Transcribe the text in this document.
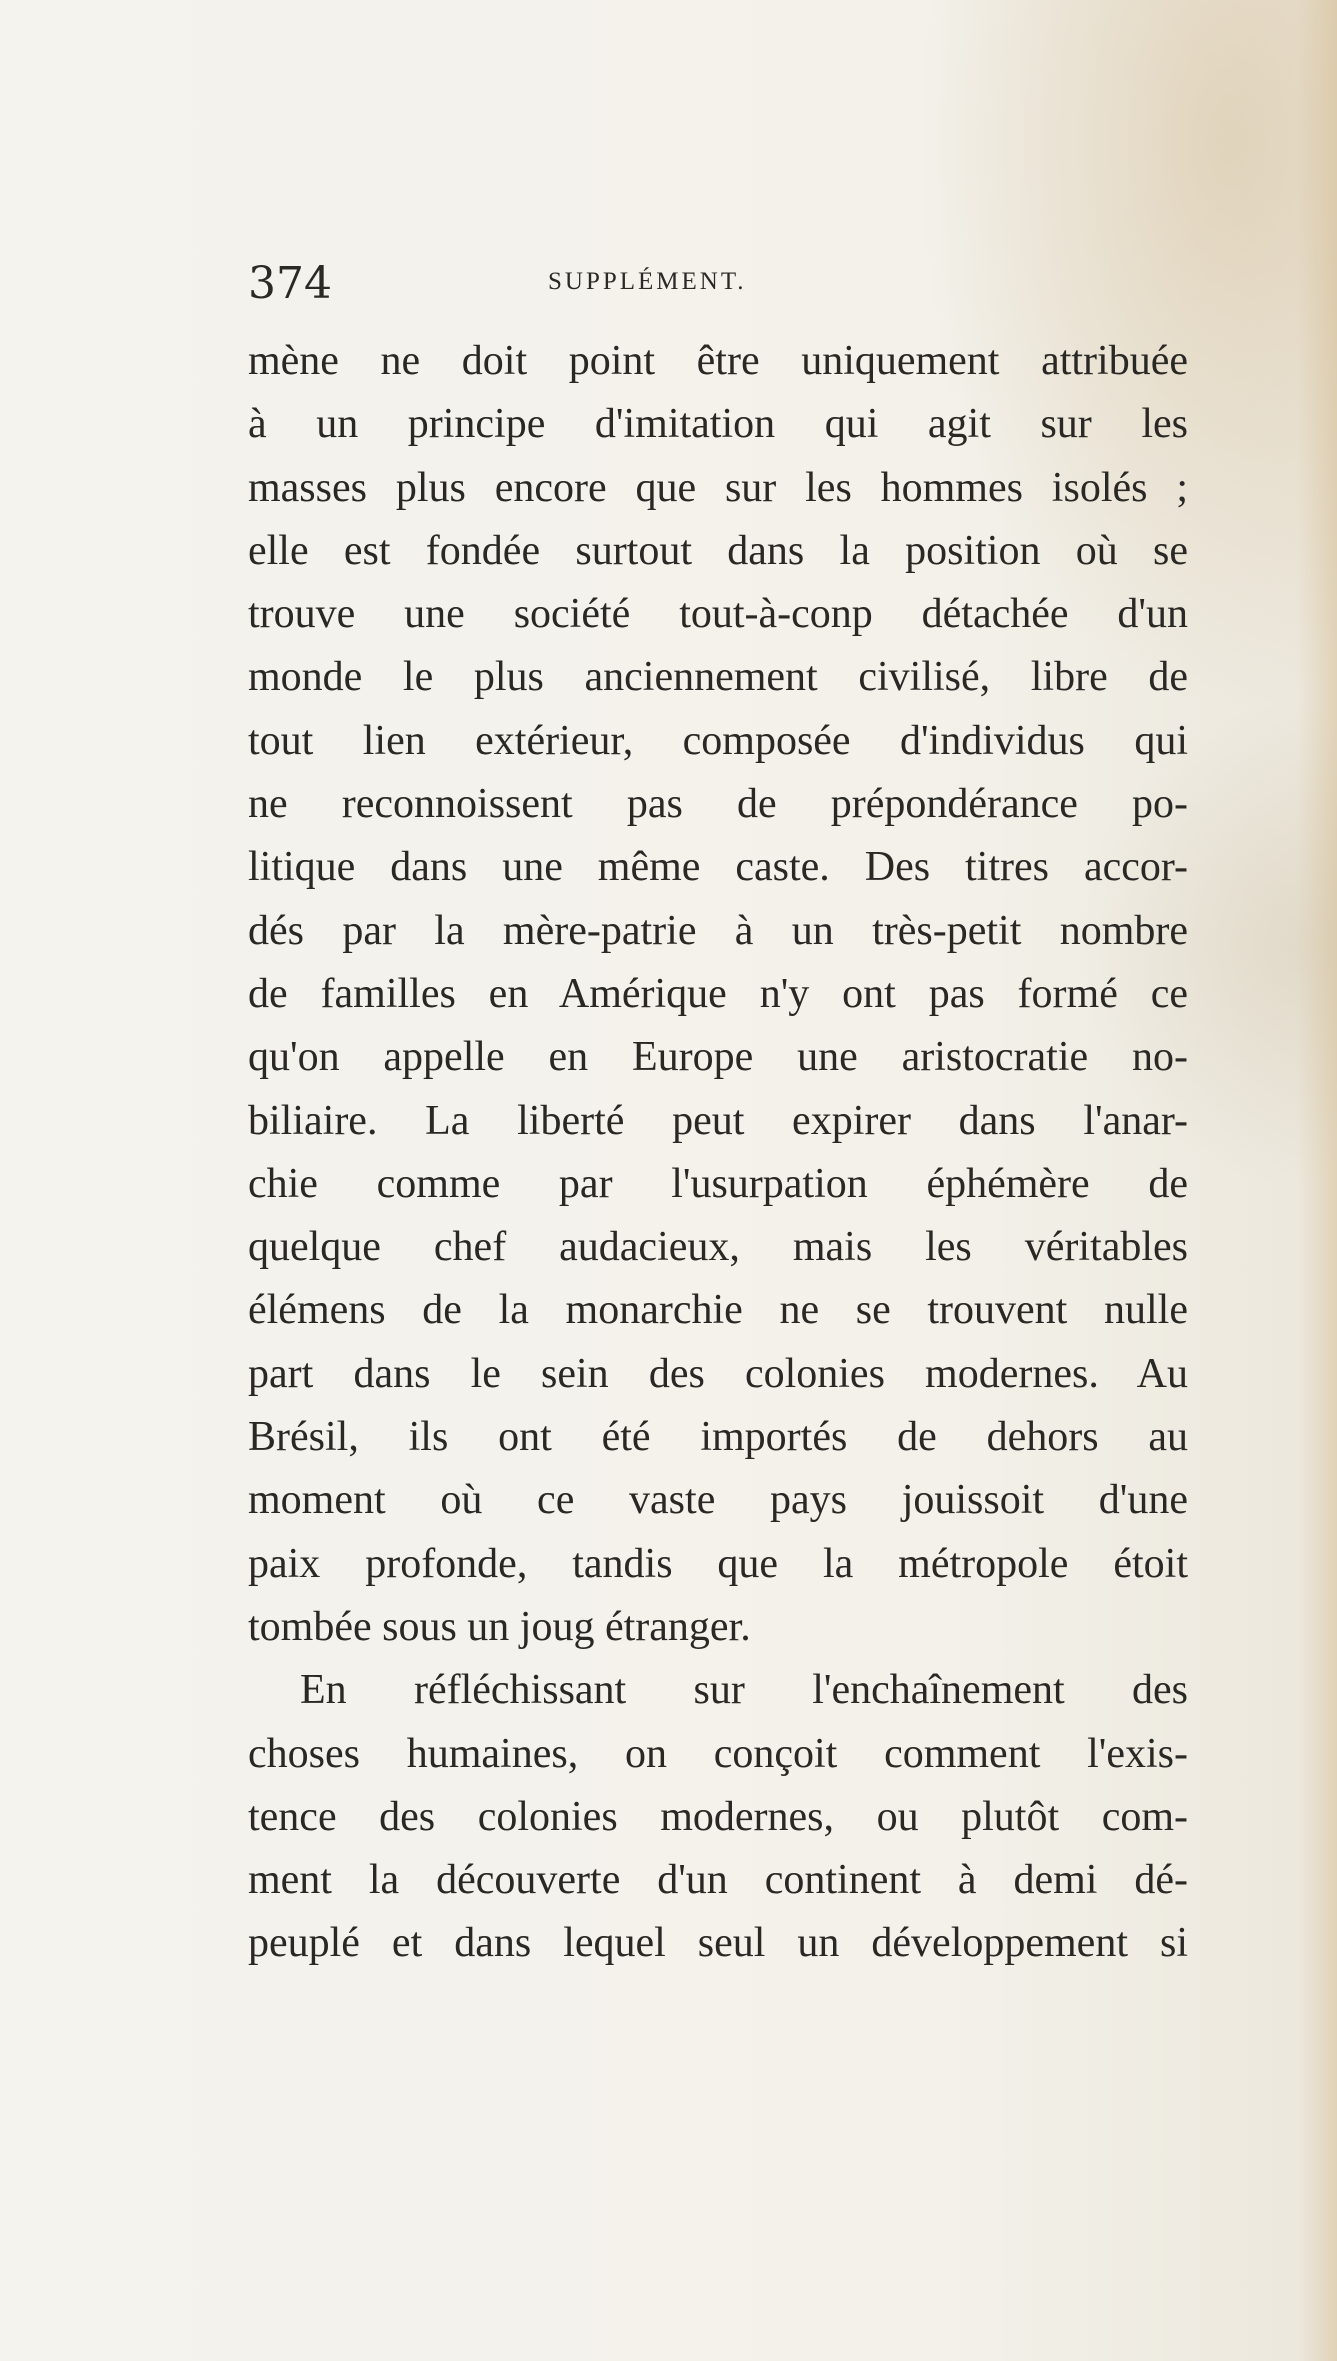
374	SUPPLÉMENT.
mène ne doit point être uniquement attribuée
à un principe d'imitation qui agit sur les
masses plus encore que sur les hommes isolés ;
elle est fondée surtout dans la position où se
trouve une société tout-à-conp détachée d'un
monde le plus anciennement civilisé, libre de
tout lien extérieur, composée d'individus qui
ne reconnoissent pas de prépondérance po-
litique dans une même caste. Des titres accor-
dés par la mère-patrie à un très-petit nombre
de familles en Amérique n'y ont pas formé ce
qu'on appelle en Europe une aristocratie no-
biliaire. La liberté peut expirer dans l'anar-
chie comme par l'usurpation éphémère de
quelque chef audacieux, mais les véritables
élémens de la monarchie ne se trouvent nulle
part dans le sein des colonies modernes. Au
Brésil, ils ont été importés de dehors au
moment où ce vaste pays jouissoit d'une
paix profonde, tandis que la métropole étoit
tombée sous un joug étranger.
En réfléchissant sur l'enchaînement des
choses humaines, on conçoit comment l'exis-
tence des colonies modernes, ou plutôt com-
ment la découverte d'un continent à demi dé-
peuplé et dans lequel seul un développement si
